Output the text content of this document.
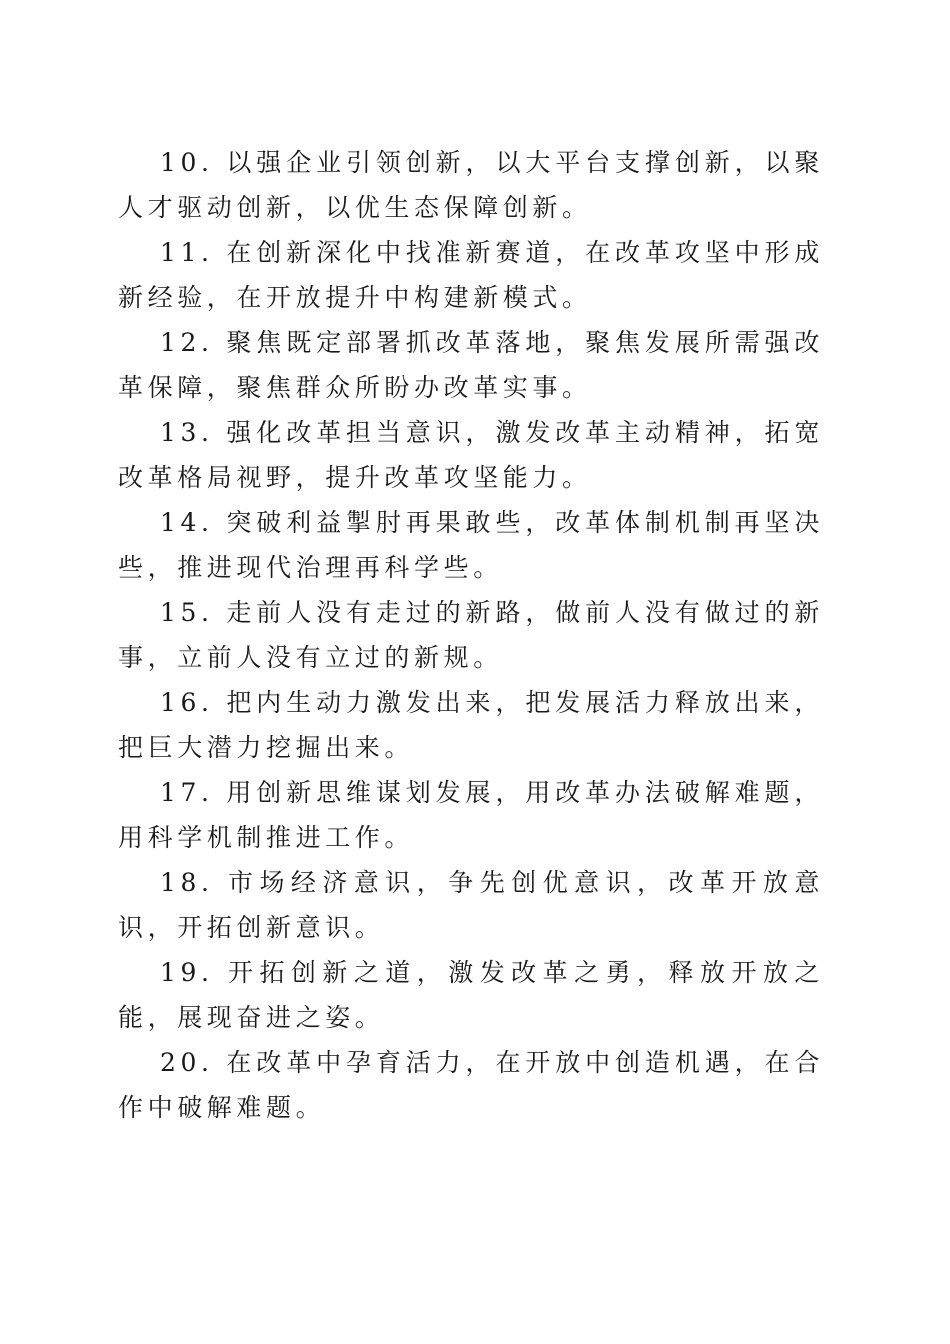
10. 以强企业引领创新，以大平台支撑创新，以聚人才驱动创新，以优生态保障创新。

11. 在创新深化中找准新赛道，在改革攻坚中形成新经验，在开放提升中构建新模式。

12. 聚焦既定部署抓改革落地，聚焦发展所需强改革保障，聚焦群众所盼办改革实事。

13. 强化改革担当意识，激发改革主动精神，拓宽改革格局视野，提升改革攻坚能力。

14. 突破利益掣肘再果敢些，改革体制机制再坚决些，推进现代治理再科学些。

15. 走前人没有走过的新路，做前人没有做过的新事，立前人没有立过的新规。

16. 把内生动力激发出来，把发展活力释放出来，把巨大潜力挖掘出来。

17. 用创新思维谋划发展，用改革办法破解难题，用科学机制推进工作。

18. 市场经济意识，争先创优意识，改革开放意识，开拓创新意识。

19. 开拓创新之道，激发改革之勇，释放开放之能，展现奋进之姿。

20. 在改革中孕育活力，在开放中创造机遇，在合作中破解难题。
